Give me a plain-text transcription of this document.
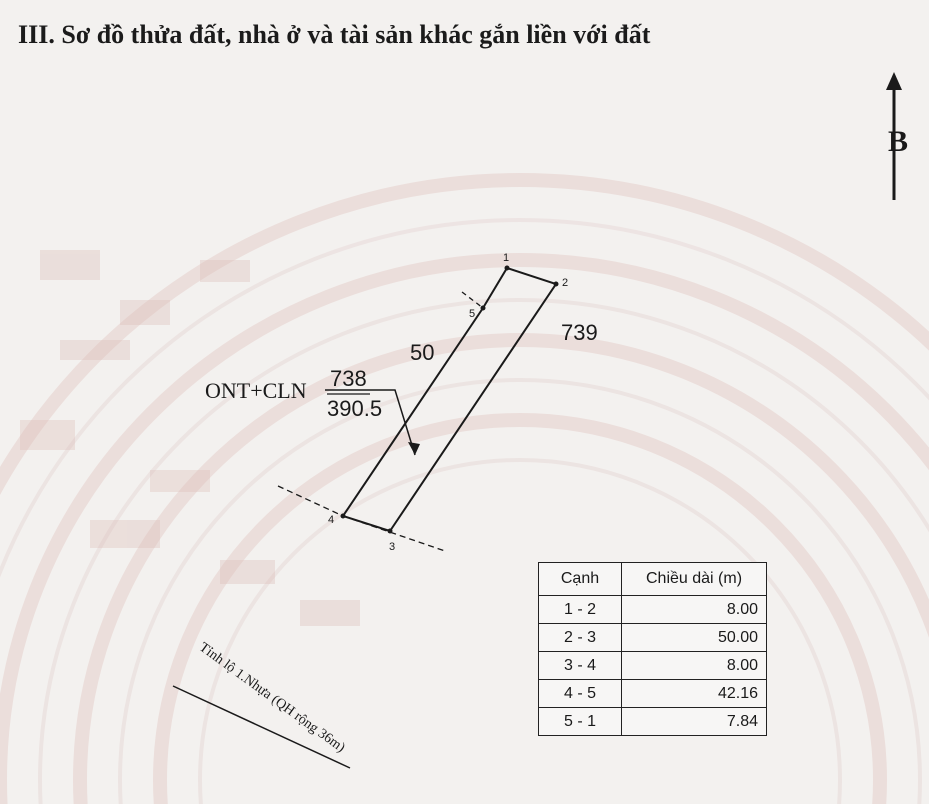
III. Sơ đồ thửa đất, nhà ở và tài sản khác gắn liền với đất
B
1
2
3
4
5
50
739
ONT+CLN 738
390.5
Tỉnh lộ 1.Nhựa (QH rộng 36m)
Cạnh	Chiều dài (m)
1 - 2	8.00
2 - 3	50.00
3 - 4	8.00
4 - 5	42.16
5 - 1	7.84
